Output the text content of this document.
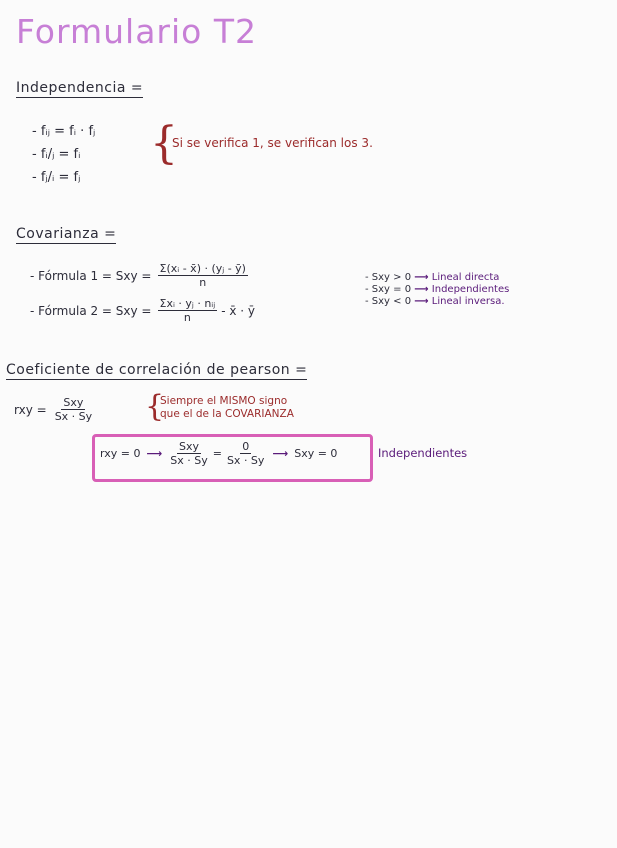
Formulario T2
Independencia =
- fᵢⱼ = fᵢ · fⱼ
- fᵢ/ⱼ = fᵢ
- fⱼ/ᵢ = fⱼ
{
Si se verifica 1, se verifican los 3.
Covarianza =
- Fórmula 1 = Sxy = $\frac{\text{Σ(xᵢ - x̄) · (yⱼ - ȳ)}}{n}$
- Fórmula 2 = Sxy = $\frac{\text{Σxᵢ · yⱼ · nᵢⱼ}}{n}$ - x̄ · ȳ
- Sxy > 0 ⟶ Lineal directa
- Sxy = 0 ⟶ Independientes
- Sxy < 0 ⟶ Lineal inversa.
Coeficiente de correlación de pearson =
rxy = $\frac{\text{Sxy}}{Sx \cdot Sy}$ {
Siempre el MISMO signo
que el de la COVARIANZA
rxy = 0 ⟶ $\frac{\text{Sxy}}{Sx \cdot Sy} = \frac{0}{Sx \cdot Sy}$ ⟶ Sxy = 0	Independientes
